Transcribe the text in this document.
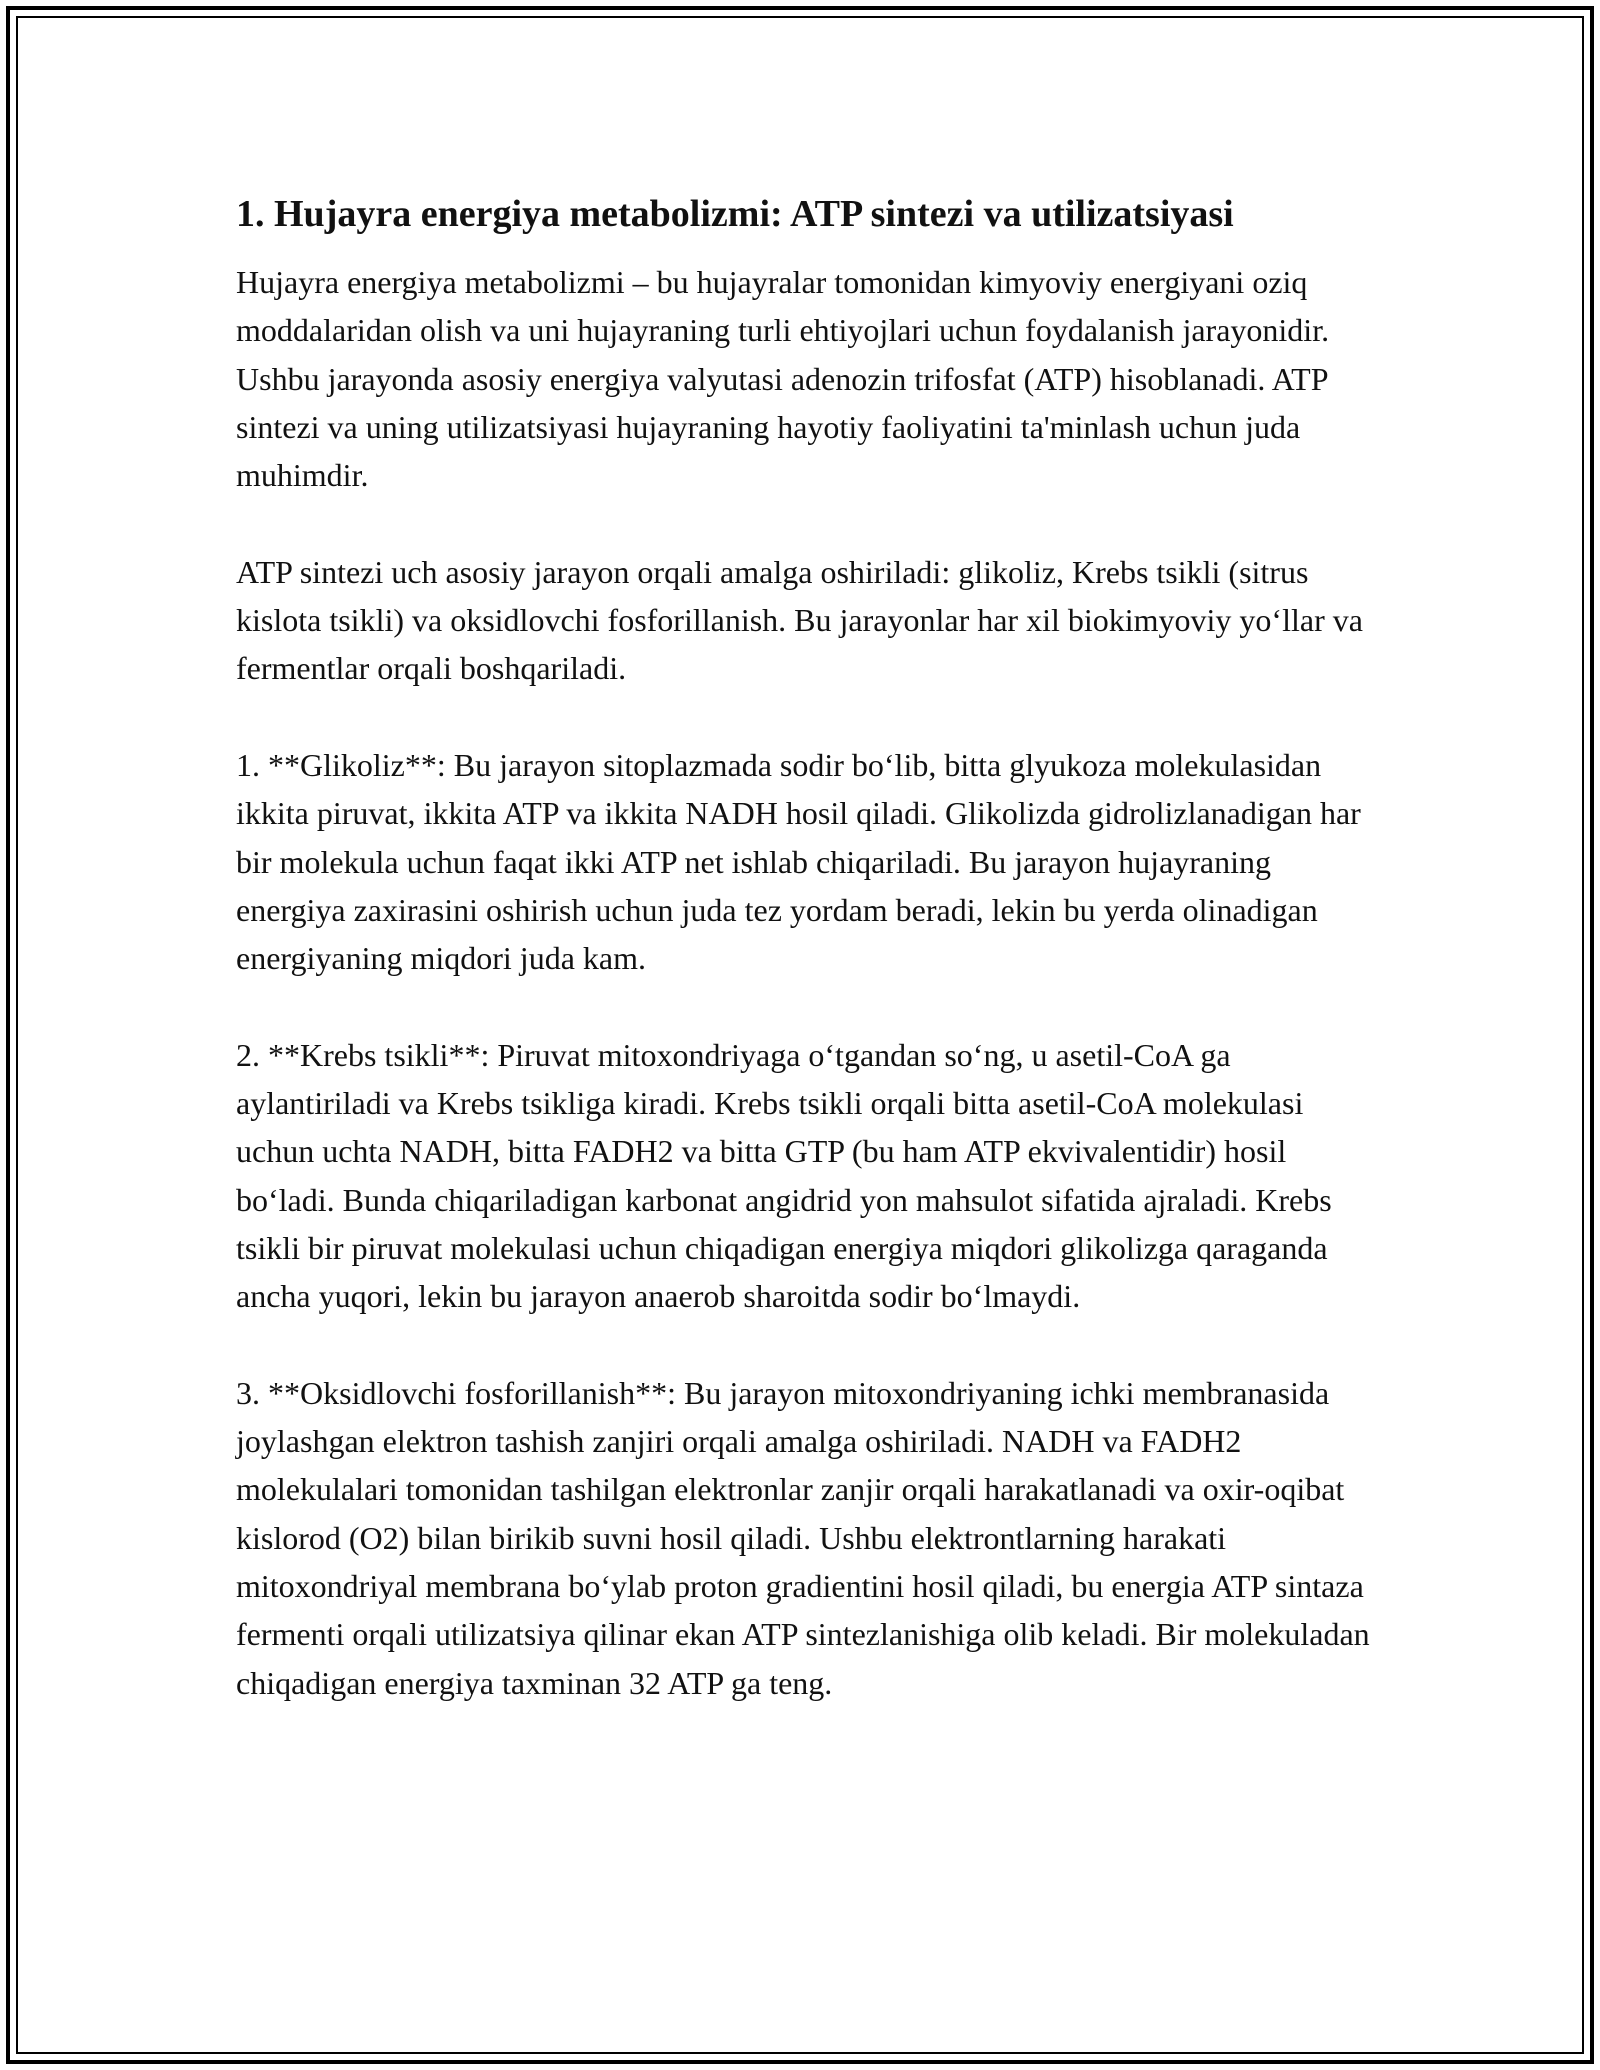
1. Hujayra energiya metabolizmi: ATP sintezi va utilizatsiyasi

Hujayra energiya metabolizmi – bu hujayralar tomonidan kimyoviy energiyani oziq moddalaridan olish va uni hujayraning turli ehtiyojlari uchun foydalanish jarayonidir. Ushbu jarayonda asosiy energiya valyutasi adenozin trifosfat (ATP) hisoblanadi. ATP sintezi va uning utilizatsiyasi hujayraning hayotiy faoliyatini ta'minlash uchun juda muhimdir.

ATP sintezi uch asosiy jarayon orqali amalga oshiriladi: glikoliz, Krebs tsikli (sitrus kislota tsikli) va oksidlovchi fosforillanish. Bu jarayonlar har xil biokimyoviy yo‘llar va fermentlar orqali boshqariladi.

1. **Glikoliz**: Bu jarayon sitoplazmada sodir bo‘lib, bitta glyukoza molekulasidan ikkita piruvat, ikkita ATP va ikkita NADH hosil qiladi. Glikolizda gidrolizlanadigan har bir molekula uchun faqat ikki ATP net ishlab chiqariladi. Bu jarayon hujayraning energiya zaxirasini oshirish uchun juda tez yordam beradi, lekin bu yerda olinadigan energiyaning miqdori juda kam.

2. **Krebs tsikli**: Piruvat mitoxondriyaga o‘tgandan so‘ng, u asetil-CoA ga aylantiriladi va Krebs tsikliga kiradi. Krebs tsikli orqali bitta asetil-CoA molekulasi uchun uchta NADH, bitta FADH2 va bitta GTP (bu ham ATP ekvivalentidir) hosil bo‘ladi. Bunda chiqariladigan karbonat angidrid yon mahsulot sifatida ajraladi. Krebs tsikli bir piruvat molekulasi uchun chiqadigan energiya miqdori glikolizga qaraganda ancha yuqori, lekin bu jarayon anaerob sharoitda sodir bo‘lmaydi.

3. **Oksidlovchi fosforillanish**: Bu jarayon mitoxondriyaning ichki membranasida joylashgan elektron tashish zanjiri orqali amalga oshiriladi. NADH va FADH2 molekulalari tomonidan tashilgan elektronlar zanjir orqali harakatlanadi va oxir-oqibat kislorod (O2) bilan birikib suvni hosil qiladi. Ushbu elektrontlarning harakati mitoxondriyal membrana bo‘ylab proton gradientini hosil qiladi, bu energia ATP sintaza fermenti orqali utilizatsiya qilinar ekan ATP sintezlanishiga olib keladi. Bir molekuladan chiqadigan energiya taxminan 32 ATP ga teng.
